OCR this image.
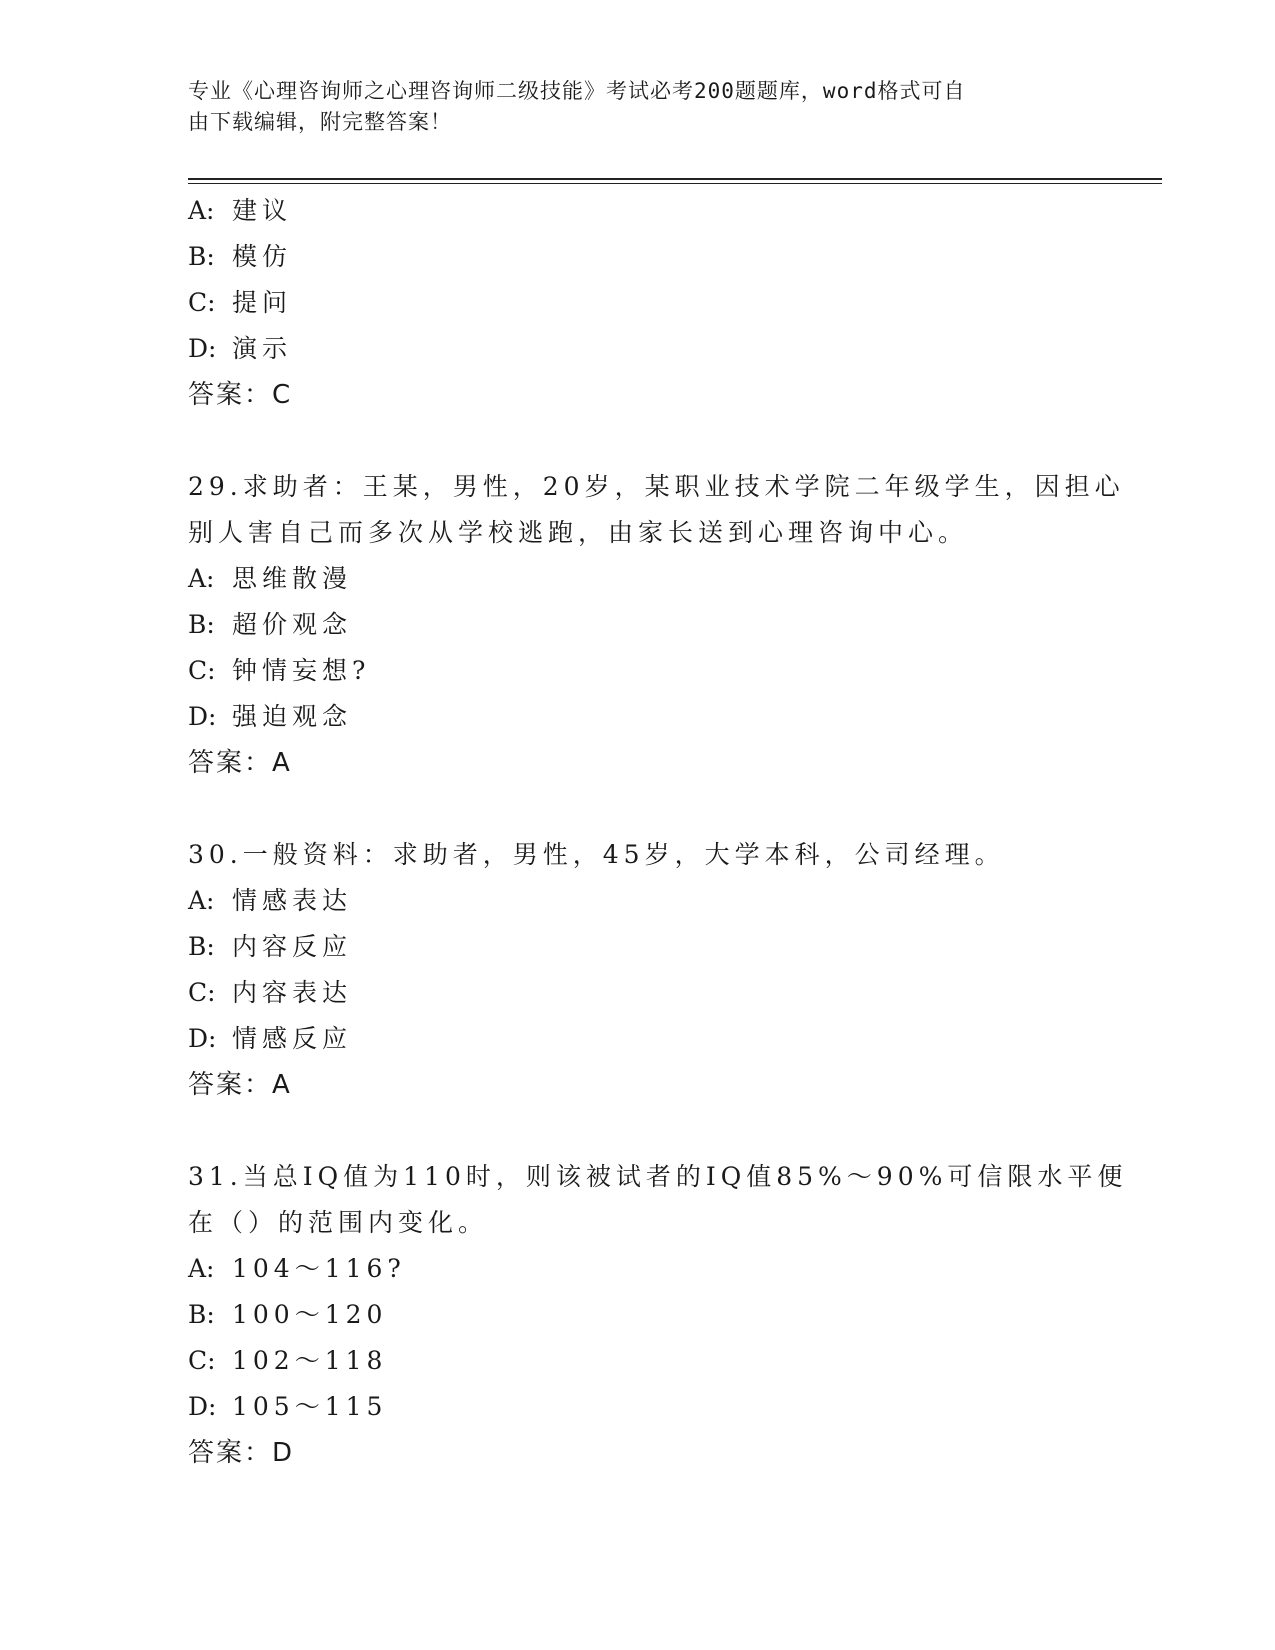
专业《心理咨询师之心理咨询师二级技能》考试必考200题题库，word格式可自
由下载编辑，附完整答案！
A: 建议
B: 模仿
C: 提问
D: 演示
答案：C
29.求助者：王某，男性，20岁，某职业技术学院二年级学生，因担心
别人害自己而多次从学校逃跑，由家长送到心理咨询中心。
A: 思维散漫
B: 超价观念
C: 钟情妄想?
D: 强迫观念
答案：A
30.一般资料：求助者，男性，45岁，大学本科，公司经理。
A: 情感表达
B: 内容反应
C: 内容表达
D: 情感反应
答案：A
31.当总IQ值为110时，则该被试者的IQ值85%～90%可信限水平便
在（）的范围内变化。
A: 104～116?
B: 100～120
C: 102～118
D: 105～115
答案：D
